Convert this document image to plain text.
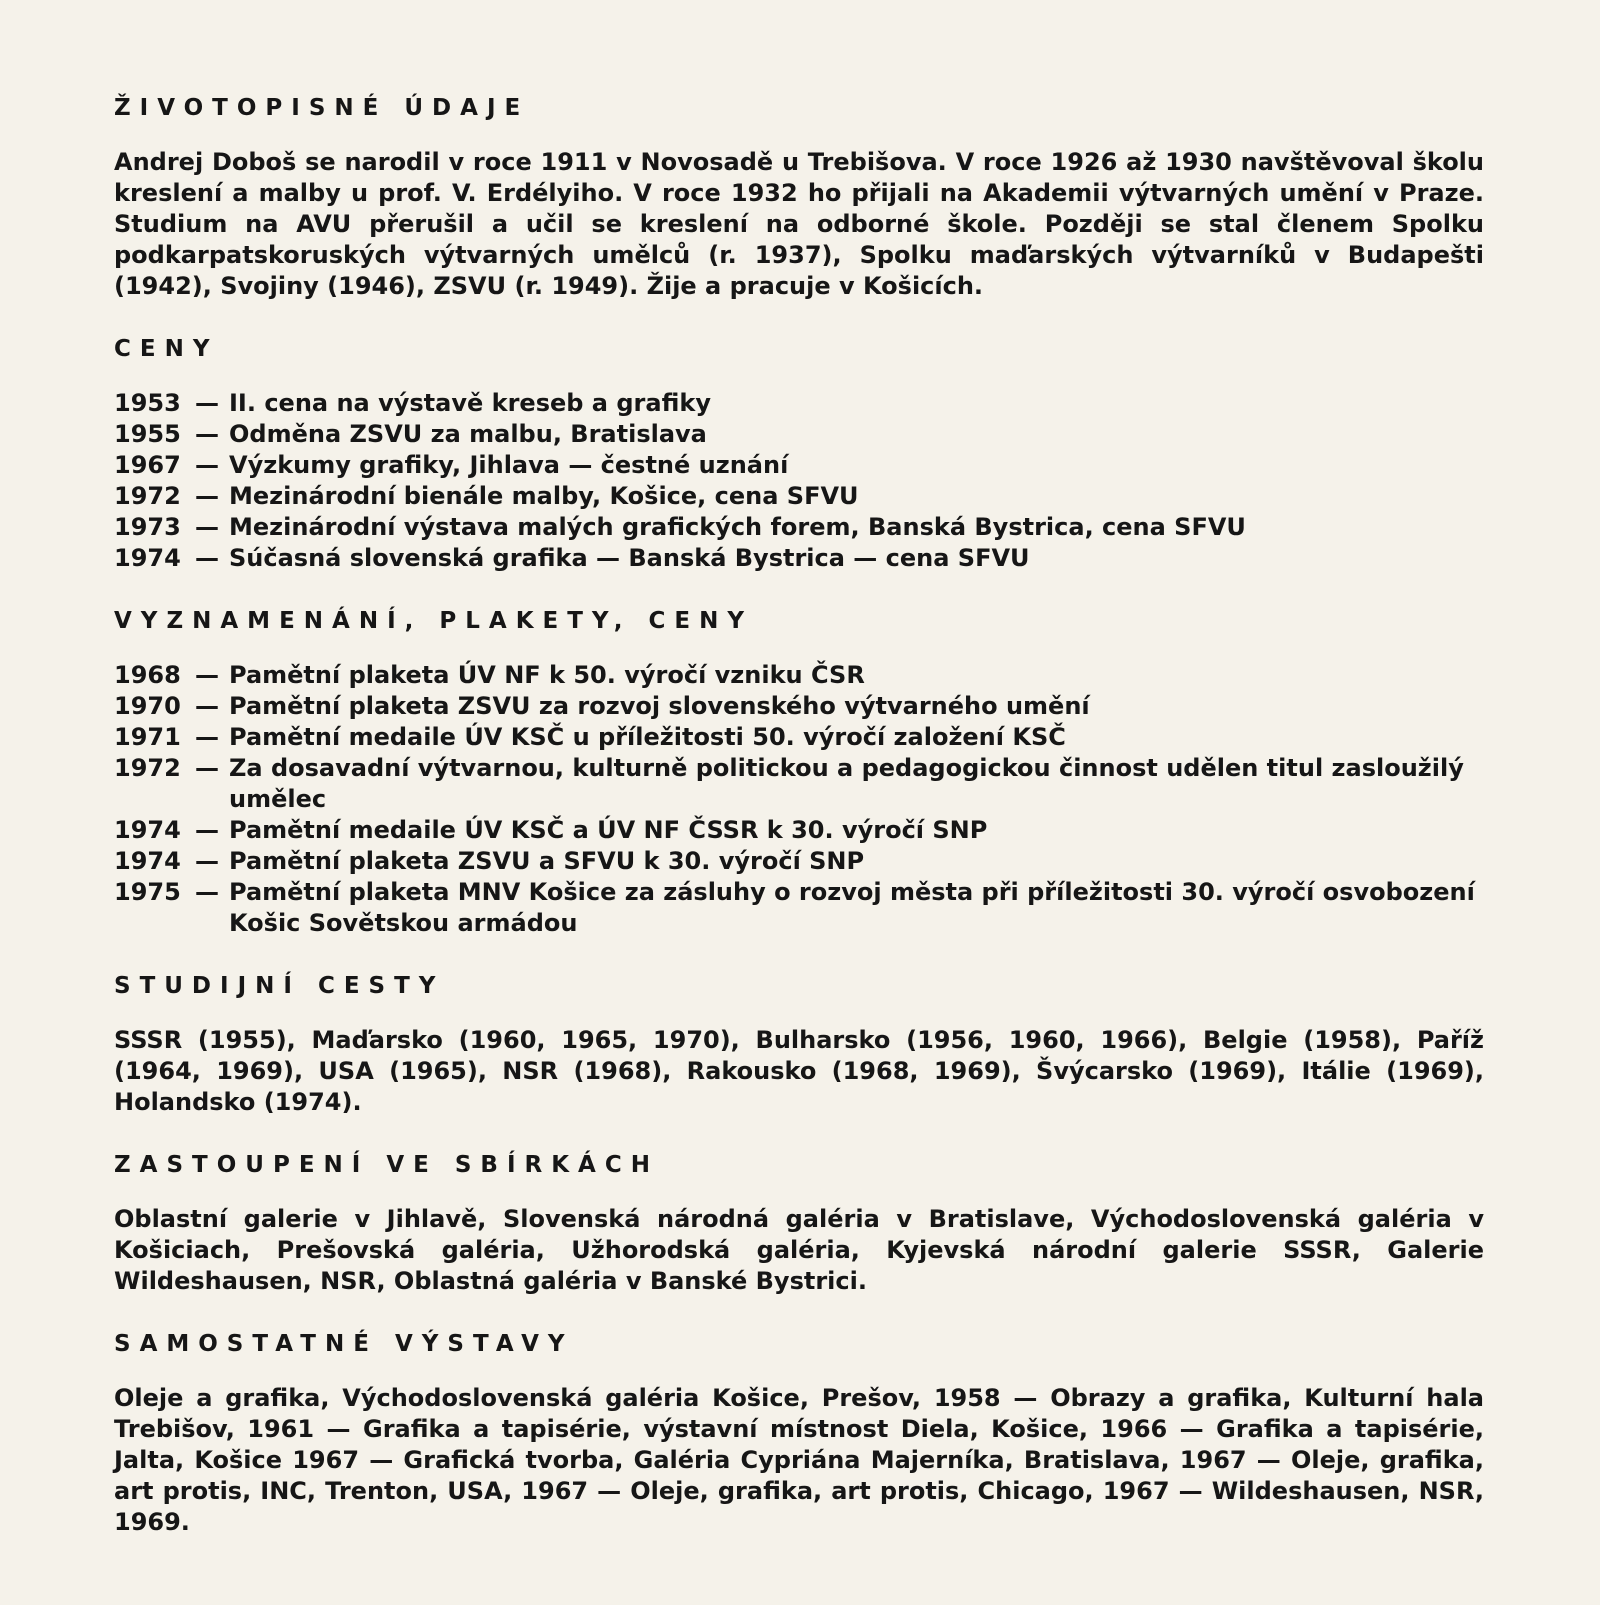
ŽIVOTOPISNÉ ÚDAJE
Andrej Doboš se narodil v roce 1911 v Novosadě u Trebišova. V roce 1926 až 1930 navštěvoval školu kreslení a malby u prof. V. Erdélyiho. V roce 1932 ho přijali na Akademii výtvarných umění v Praze. Studium na AVU přerušil a učil se kreslení na odborné škole. Později se stal členem Spolku podkarpatskoruských výtvarných umělců (r. 1937), Spolku maďarských výtvarníků v Budapešti (1942), Svojiny (1946), ZSVU (r. 1949). Žije a pracuje v Košicích.
CENY
1953 — II. cena na výstavě kreseb a grafiky
1955 — Odměna ZSVU za malbu, Bratislava
1967 — Výzkumy grafiky, Jihlava — čestné uznání
1972 — Mezinárodní bienále malby, Košice, cena SFVU
1973 — Mezinárodní výstava malých grafických forem, Banská Bystrica, cena SFVU
1974 — Súčasná slovenská grafika — Banská Bystrica — cena SFVU
VYZNAMENÁNÍ, PLAKETY, CENY
1968 — Pamětní plaketa ÚV NF k 50. výročí vzniku ČSR
1970 — Pamětní plaketa ZSVU za rozvoj slovenského výtvarného umění
1971 — Pamětní medaile ÚV KSČ u příležitosti 50. výročí založení KSČ
1972 — Za dosavadní výtvarnou, kulturně politickou a pedagogickou činnost udělen titul zasloužilý umělec
1974 — Pamětní medaile ÚV KSČ a ÚV NF ČSSR k 30. výročí SNP
1974 — Pamětní plaketa ZSVU a SFVU k 30. výročí SNP
1975 — Pamětní plaketa MNV Košice za zásluhy o rozvoj města při příležitosti 30. výročí osvobození Košic Sovětskou armádou
STUDIJNÍ CESTY
SSSR (1955), Maďarsko (1960, 1965, 1970), Bulharsko (1956, 1960, 1966), Belgie (1958), Paříž (1964, 1969), USA (1965), NSR (1968), Rakousko (1968, 1969), Švýcarsko (1969), Itálie (1969), Holandsko (1974).
ZASTOUPENÍ VE SBÍRKÁCH
Oblastní galerie v Jihlavě, Slovenská národná galéria v Bratislave, Východoslovenská galéria v Košiciach, Prešovská galéria, Užhorodská galéria, Kyjevská národní galerie SSSR, Galerie Wildeshausen, NSR, Oblastná galéria v Banské Bystrici.
SAMOSTATNÉ VÝSTAVY
Oleje a grafika, Východoslovenská galéria Košice, Prešov, 1958 — Obrazy a grafika, Kulturní hala Trebišov, 1961 — Grafika a tapisérie, výstavní místnost Diela, Košice, 1966 — Grafika a tapisérie, Jalta, Košice 1967 — Grafická tvorba, Galéria Cypriána Majerníka, Bratislava, 1967 — Oleje, grafika, art protis, INC, Trenton, USA, 1967 — Oleje, grafika, art protis, Chicago, 1967 — Wildeshausen, NSR, 1969.
